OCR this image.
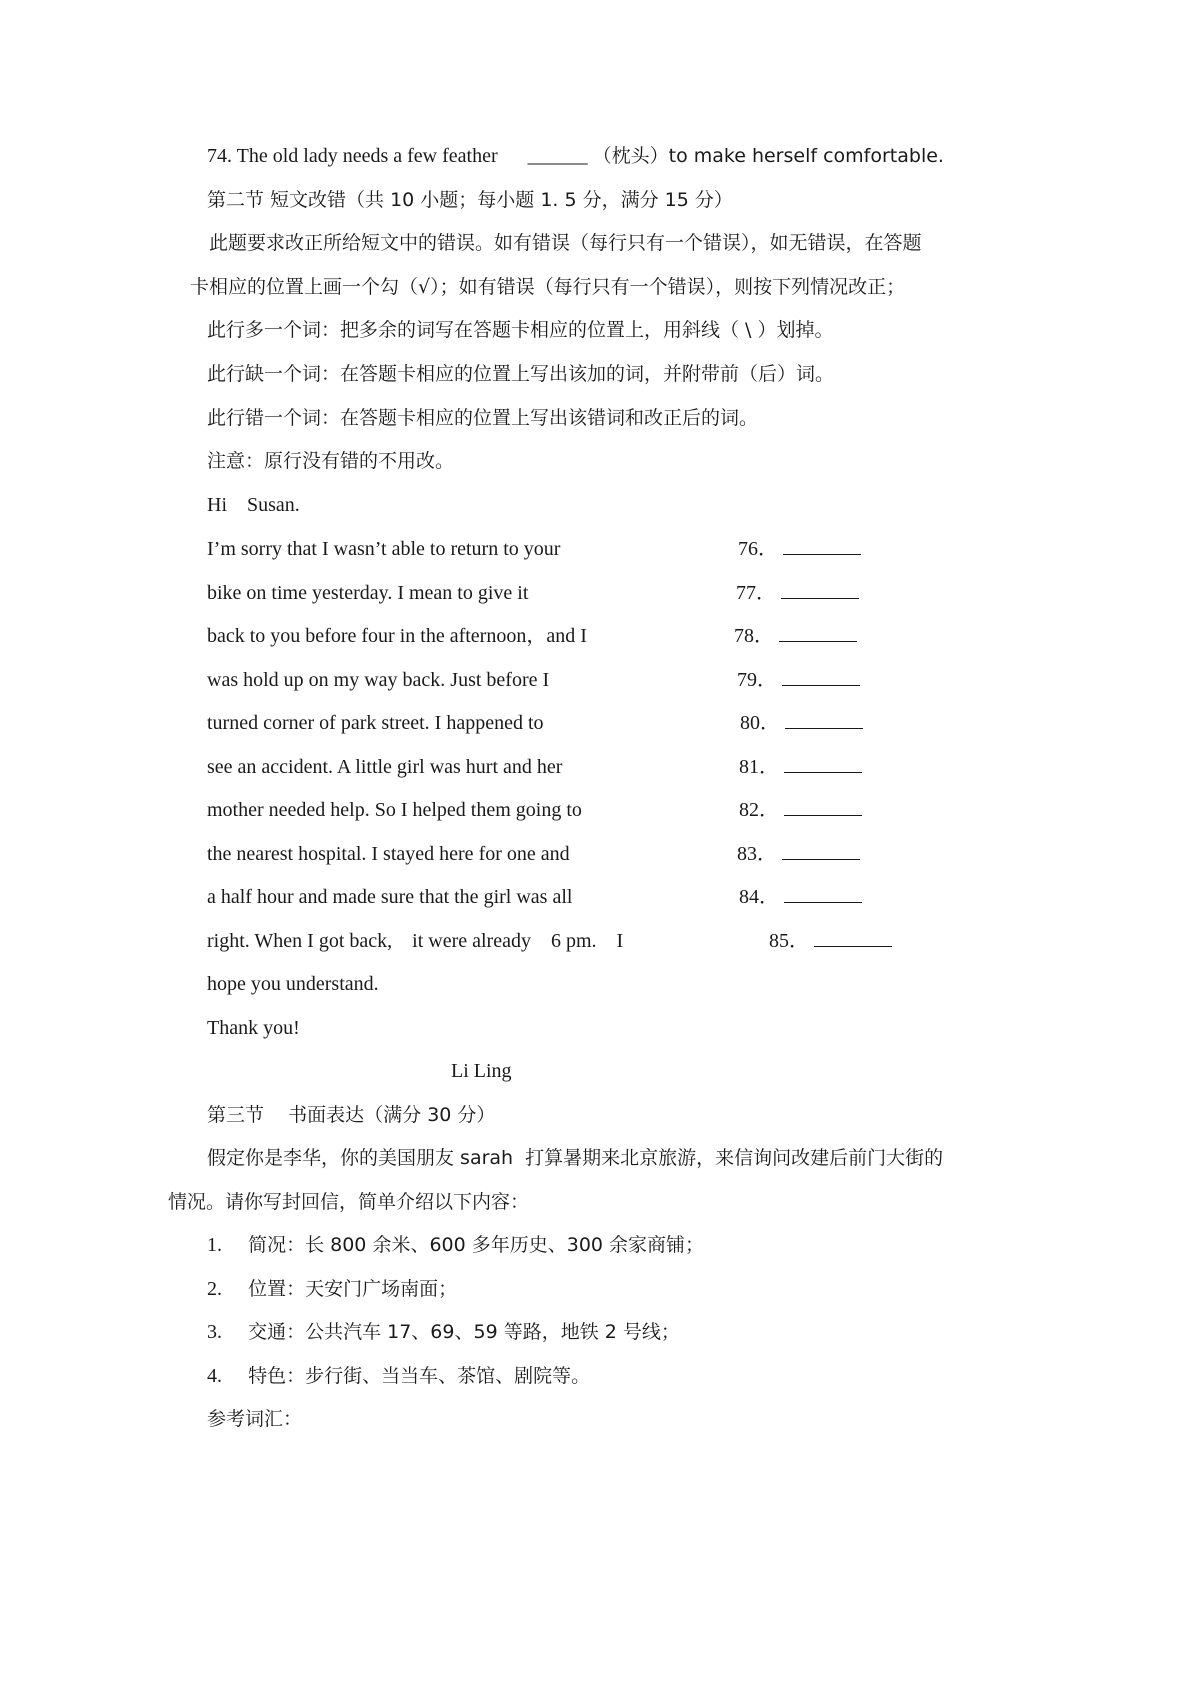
74. The old lady needs a few feather ______ （枕头）to make herself comfortable.
第二节 短文改错（共 10 小题；每小题 1. 5 分，满分 15 分）
此题要求改正所给短文中的错误。如有错误（每行只有一个错误），如无错误，在答题
卡相应的位置上画一个勾（√）；如有错误（每行只有一个错误），则按下列情况改正；
此行多一个词：把多余的词写在答题卡相应的位置上，用斜线（ \ ）划掉。
此行缺一个词：在答题卡相应的位置上写出该加的词，并附带前（后）词。
此行错一个词：在答题卡相应的位置上写出该错词和改正后的词。
注意：原行没有错的不用改。
Hi    Susan.
I’m sorry that I wasn’t able to return to your	76．
bike on time yesterday. I mean to give it	77．
back to you before four in the afternoon，and I	78．
was hold up on my way back. Just before I	79．
turned corner of park street. I happened to	80．
see an accident. A little girl was hurt and her	81．
mother needed help. So I helped them going to	82．
the nearest hospital. I stayed here for one and	83．
a half hour and made sure that the girl was all	84．
right. When I got back,    it were already    6 pm.    I	85．
hope you understand.
Thank you!
Li Ling
第三节    书面表达（满分 30 分）
假定你是李华，你的美国朋友 sarah  打算暑期来北京旅游，来信询问改建后前门大街的
情况。请你写封回信，简单介绍以下内容：
1. 简况：长 800 余米、600 多年历史、300 余家商铺；
2. 位置：天安门广场南面；
3. 交通：公共汽车 17、69、59 等路，地铁 2 号线；
4. 特色：步行街、当当车、茶馆、剧院等。
参考词汇：
